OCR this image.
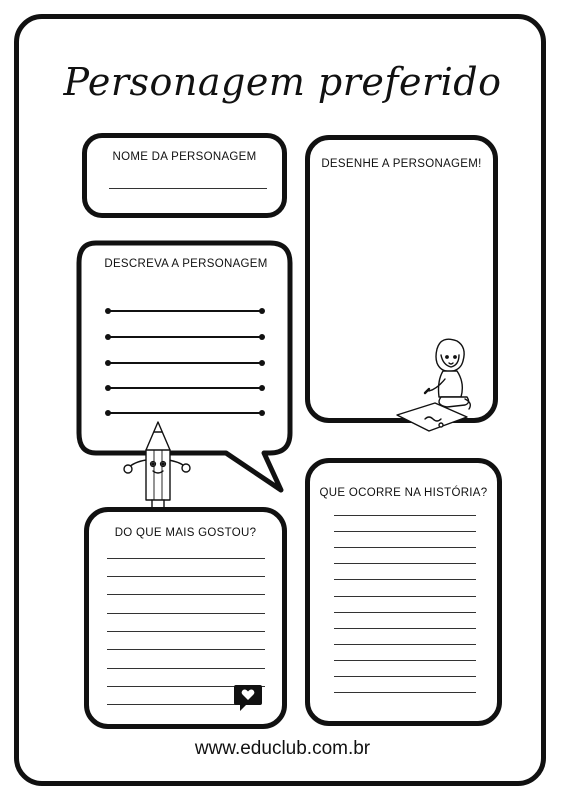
Personagem preferido
NOME DA PERSONAGEM
DESENHE A PERSONAGEM!
DESCREVA A PERSONAGEM
DO QUE MAIS GOSTOU?
QUE OCORRE NA HISTÓRIA?
www.educlub.com.br
